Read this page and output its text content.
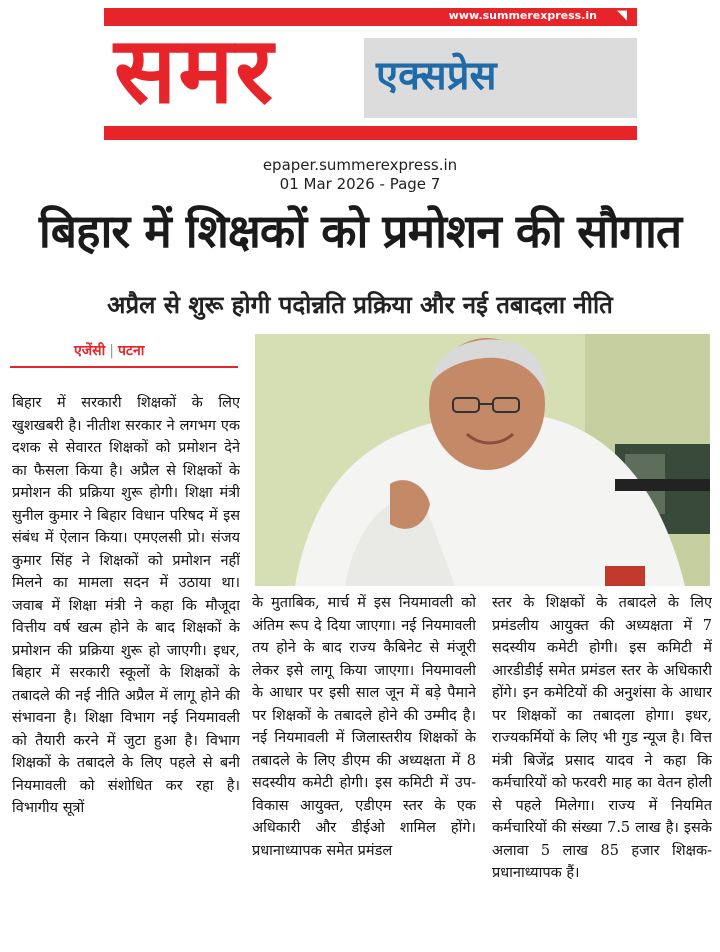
www.summerexpress.in ◥
समर	एक्सप्रेस
epaper.summerexpress.in
01 Mar 2026 - Page 7
बिहार में शिक्षकों को प्रमोशन की सौगात
अप्रैल से शुरू होगी पदोन्नति प्रक्रिया और नई तबादला नीति
एजेंसी | पटना
बिहार में सरकारी शिक्षकों के लिए खुशखबरी है। नीतीश सरकार ने लगभग एक दशक से सेवारत शिक्षकों को प्रमोशन देने का फैसला किया है। अप्रैल से शिक्षकों के प्रमोशन की प्रक्रिया शुरू होगी। शिक्षा मंत्री सुनील कुमार ने बिहार विधान परिषद में इस संबंध में ऐलान किया। एमएलसी प्रो। संजय कुमार सिंह ने शिक्षकों को प्रमोशन नहीं मिलने का मामला सदन में उठाया था। जवाब में शिक्षा मंत्री ने कहा कि मौजूदा वित्तीय वर्ष खत्म होने के बाद शिक्षकों के प्रमोशन की प्रक्रिया शुरू हो जाएगी। इधर, बिहार में सरकारी स्कूलों के शिक्षकों के तबादले की नई नीति अप्रैल में लागू होने की संभावना है। शिक्षा विभाग नई नियमावली को तैयारी करने में जुटा हुआ है। विभाग शिक्षकों के तबादले के लिए पहले से बनी नियमावली को संशोधित कर रहा है। विभागीय सूत्रों
के मुताबिक, मार्च में इस नियमावली को अंतिम रूप दे दिया जाएगा। नई नियमावली तय होने के बाद राज्य कैबिनेट से मंजूरी लेकर इसे लागू किया जाएगा। नियमावली के आधार पर इसी साल जून में बड़े पैमाने पर शिक्षकों के तबादले होने की उम्मीद है। नई नियमावली में जिलास्तरीय शिक्षकों के तबादले के लिए डीएम की अध्यक्षता में 8 सदस्यीय कमेटी होगी। इस कमिटी में उप- विकास आयुक्त, एडीएम स्तर के एक अधिकारी और डीईओ शामिल होंगे। प्रधानाध्यापक समेत प्रमंडल
स्तर के शिक्षकों के तबादले के लिए प्रमंडलीय आयुक्त की अध्यक्षता में 7 सदस्यीय कमेटी होगी। इस कमिटी में आरडीडीई समेत प्रमंडल स्तर के अधिकारी होंगे। इन कमेटियों की अनुशंसा के आधार पर शिक्षकों का तबादला होगा। इधर, राज्यकर्मियों के लिए भी गुड न्यूज है। वित्त मंत्री बिजेंद्र प्रसाद यादव ने कहा कि कर्मचारियों को फरवरी माह का वेतन होली से पहले मिलेगा। राज्य में नियमित कर्मचारियों की संख्या 7.5 लाख है। इसके अलावा 5 लाख 85 हजार शिक्षक-प्रधानाध्यापक हैं।
